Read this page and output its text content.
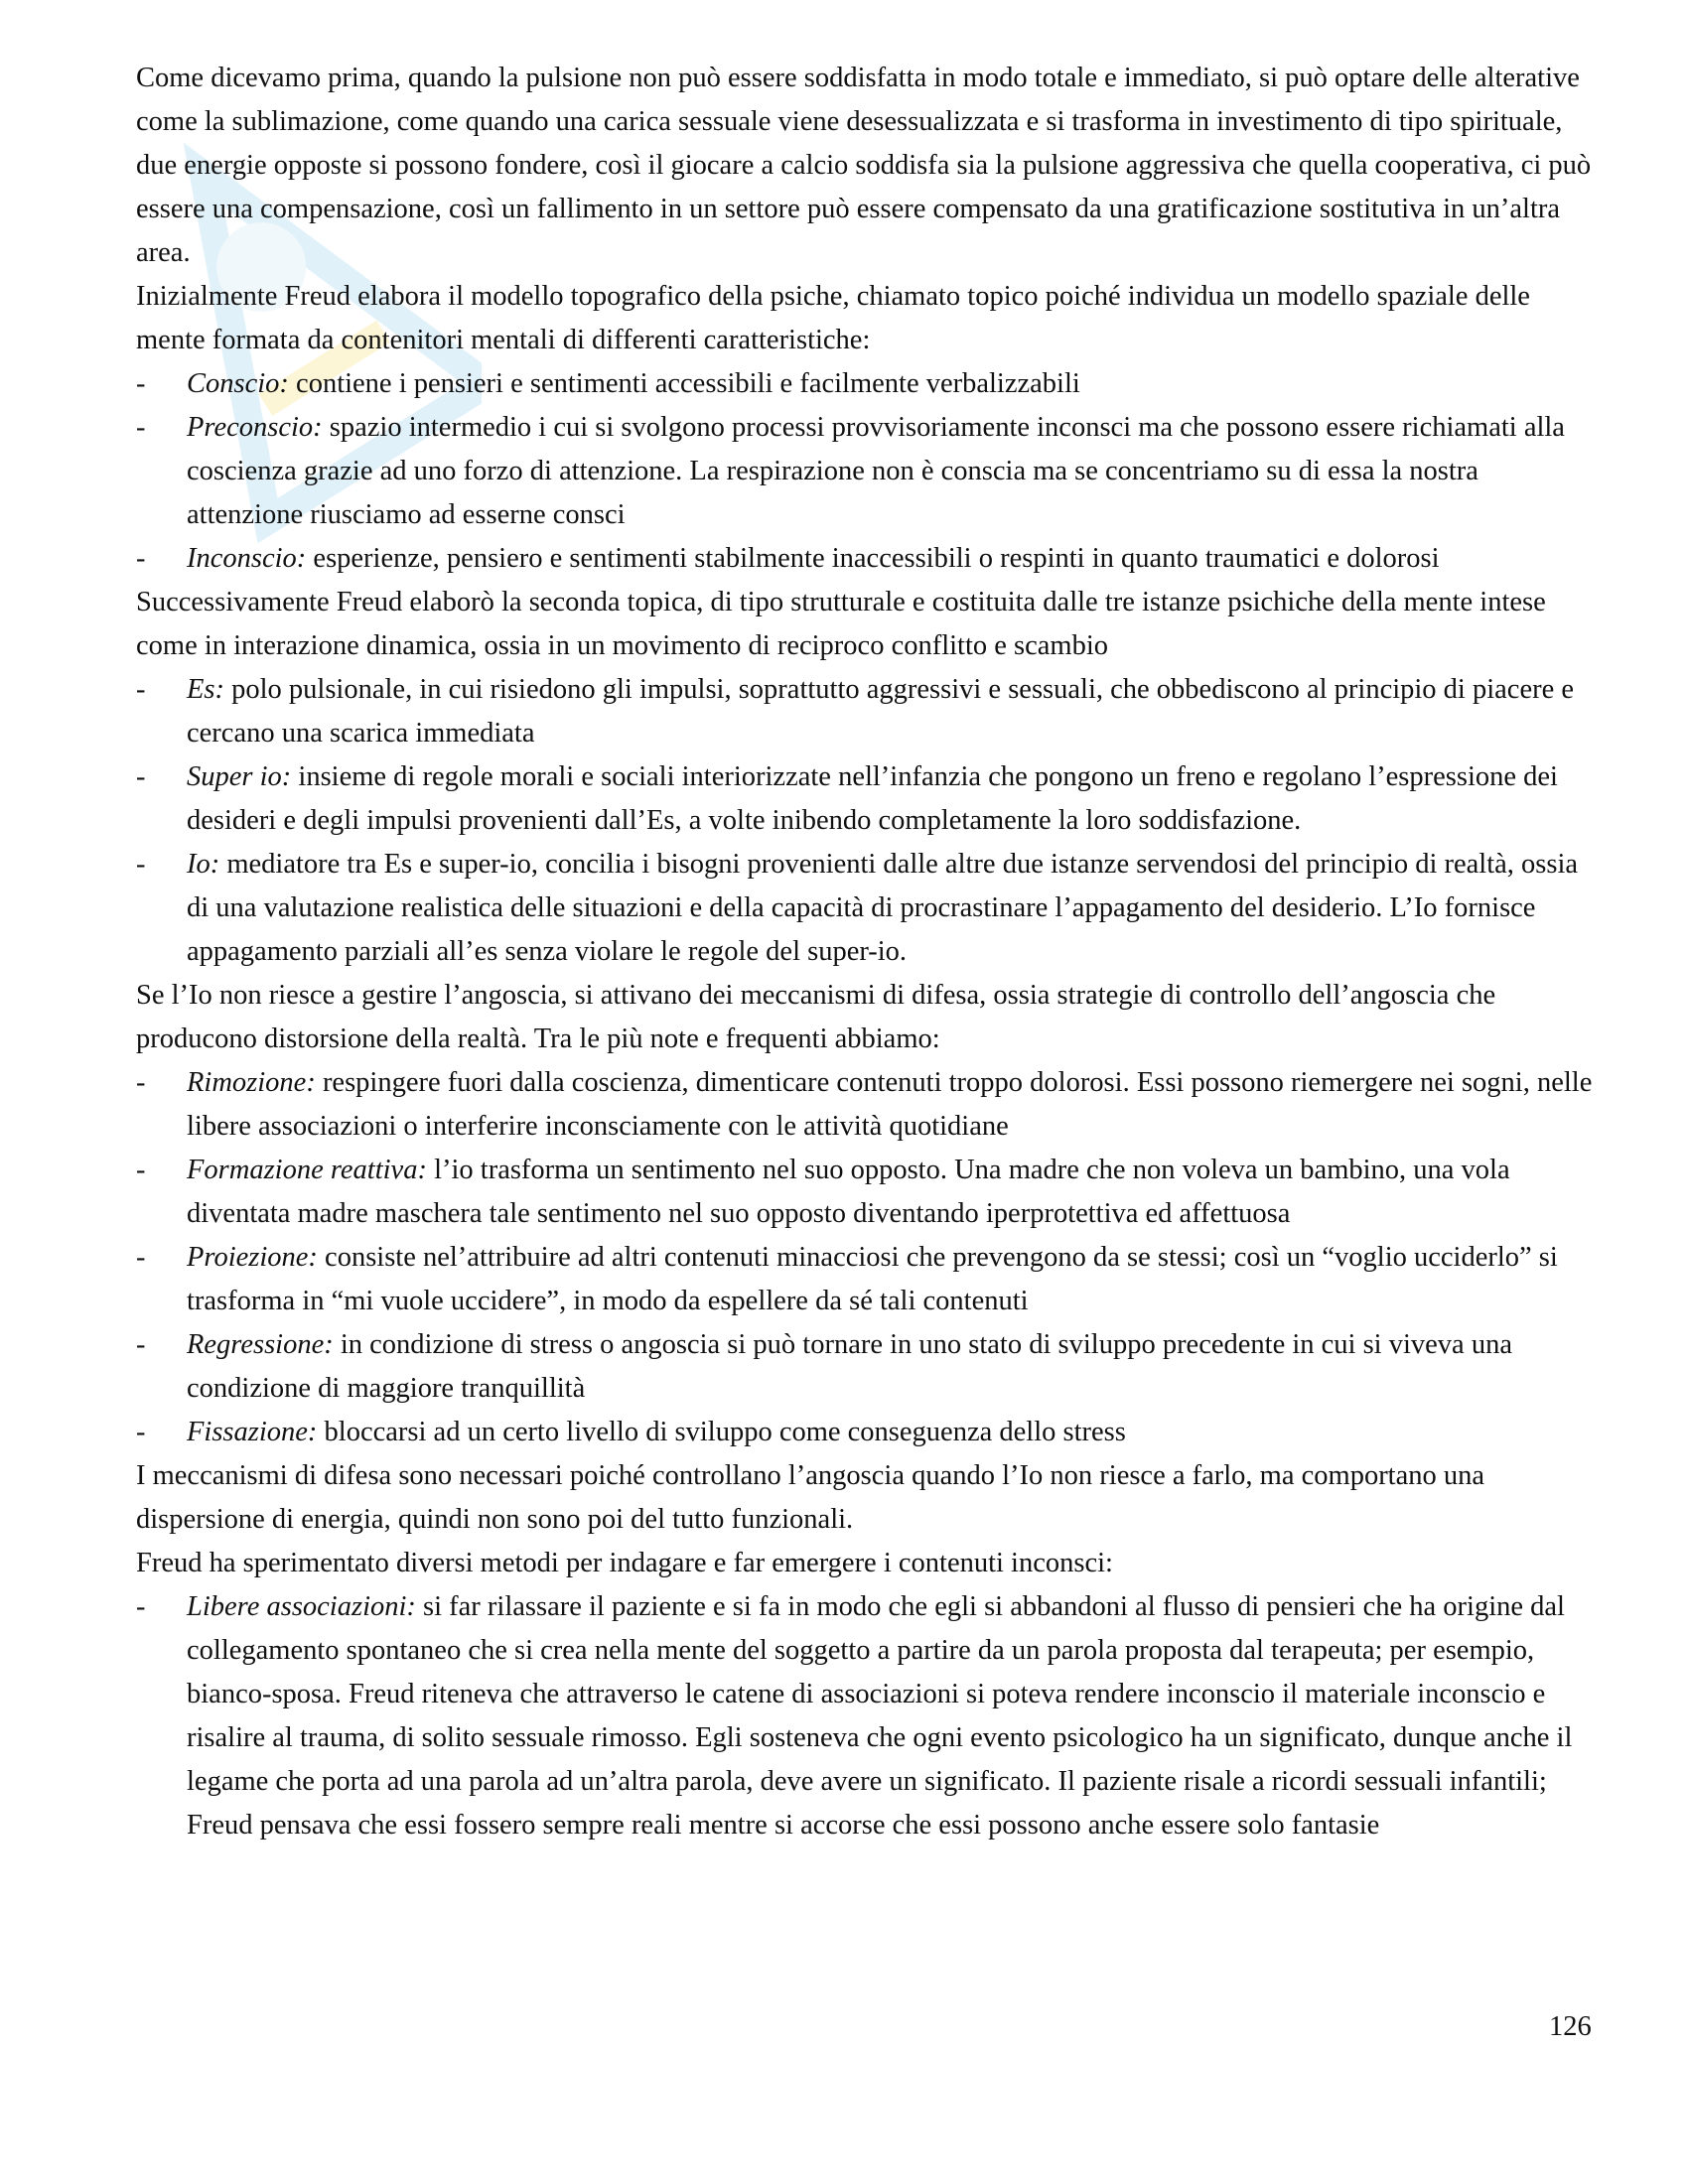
Come dicevamo prima, quando la pulsione non può essere soddisfatta in modo totale e immediato, si può optare delle alterative come la sublimazione, come quando una carica sessuale viene desessualizzata e si trasforma in investimento di tipo spirituale, due energie opposte si possono fondere, così il giocare a calcio soddisfa sia la pulsione aggressiva che quella cooperativa, ci può essere una compensazione, così un fallimento in un settore può essere compensato da una gratificazione sostitutiva in un’altra area.

Inizialmente Freud elabora il modello topografico della psiche, chiamato topico poiché individua un modello spaziale delle mente formata da contenitori mentali di differenti caratteristiche:

- Conscio: contiene i pensieri e sentimenti accessibili e facilmente verbalizzabili
- Preconscio: spazio intermedio i cui si svolgono processi provvisoriamente inconsci ma che possono essere richiamati alla coscienza grazie ad uno forzo di attenzione. La respirazione non è conscia ma se concentriamo su di essa la nostra attenzione riusciamo ad esserne consci
- Inconscio: esperienze, pensiero e sentimenti stabilmente inaccessibili o respinti in quanto traumatici e dolorosi

Successivamente Freud elaborò la seconda topica, di tipo strutturale e costituita dalle tre istanze psichiche della mente intese come in interazione dinamica, ossia in un movimento di reciproco conflitto e scambio

- Es: polo pulsionale, in cui risiedono gli impulsi, soprattutto aggressivi e sessuali, che obbediscono al principio di piacere e cercano una scarica immediata
- Super io: insieme di regole morali e sociali interiorizzate nell’infanzia che pongono un freno e regolano l’espressione dei desideri e degli impulsi provenienti dall’Es, a volte inibendo completamente la loro soddisfazione.
- Io: mediatore tra Es e super-io, concilia i bisogni provenienti dalle altre due istanze servendosi del principio di realtà, ossia di una valutazione realistica delle situazioni e della capacità di procrastinare l’appagamento del desiderio. L’Io fornisce appagamento parziali all’es senza violare le regole del super-io.

Se l’Io non riesce a gestire l’angoscia, si attivano dei meccanismi di difesa, ossia strategie di controllo dell’angoscia che producono distorsione della realtà. Tra le più note e frequenti abbiamo:

- Rimozione: respingere fuori dalla coscienza, dimenticare contenuti troppo dolorosi. Essi possono riemergere nei sogni, nelle libere associazioni o interferire inconsciamente con le attività quotidiane
- Formazione reattiva: l’io trasforma un sentimento nel suo opposto. Una madre che non voleva un bambino, una vola diventata madre maschera tale sentimento nel suo opposto diventando iperprotettiva ed affettuosa
- Proiezione: consiste nel’attribuire ad altri contenuti minacciosi che prevengono da se stessi; così un “voglio ucciderlo” si trasforma in “mi vuole uccidere”, in modo da espellere da sé tali contenuti
- Regressione: in condizione di stress o angoscia si può tornare in uno stato di sviluppo precedente in cui si viveva una condizione di maggiore tranquillità
- Fissazione: bloccarsi ad un certo livello di sviluppo come conseguenza dello stress

I meccanismi di difesa sono necessari poiché controllano l’angoscia quando l’Io non riesce a farlo, ma comportano una dispersione di energia, quindi non sono poi del tutto funzionali.

Freud ha sperimentato diversi metodi per indagare e far emergere i contenuti inconsci:

- Libere associazioni: si far rilassare il paziente e si fa in modo che egli si abbandoni al flusso di pensieri che ha origine dal collegamento spontaneo che si crea nella mente del soggetto a partire da un parola proposta dal terapeuta; per esempio, bianco-sposa. Freud riteneva che attraverso le catene di associazioni si poteva rendere inconscio il materiale inconscio e risalire al trauma, di solito sessuale rimosso. Egli sosteneva che ogni evento psicologico ha un significato, dunque anche il legame che porta ad una parola ad un’altra parola, deve avere un significato. Il paziente risale a ricordi sessuali infantili; Freud pensava che essi fossero sempre reali mentre si accorse che essi possono anche essere solo fantasie
126
